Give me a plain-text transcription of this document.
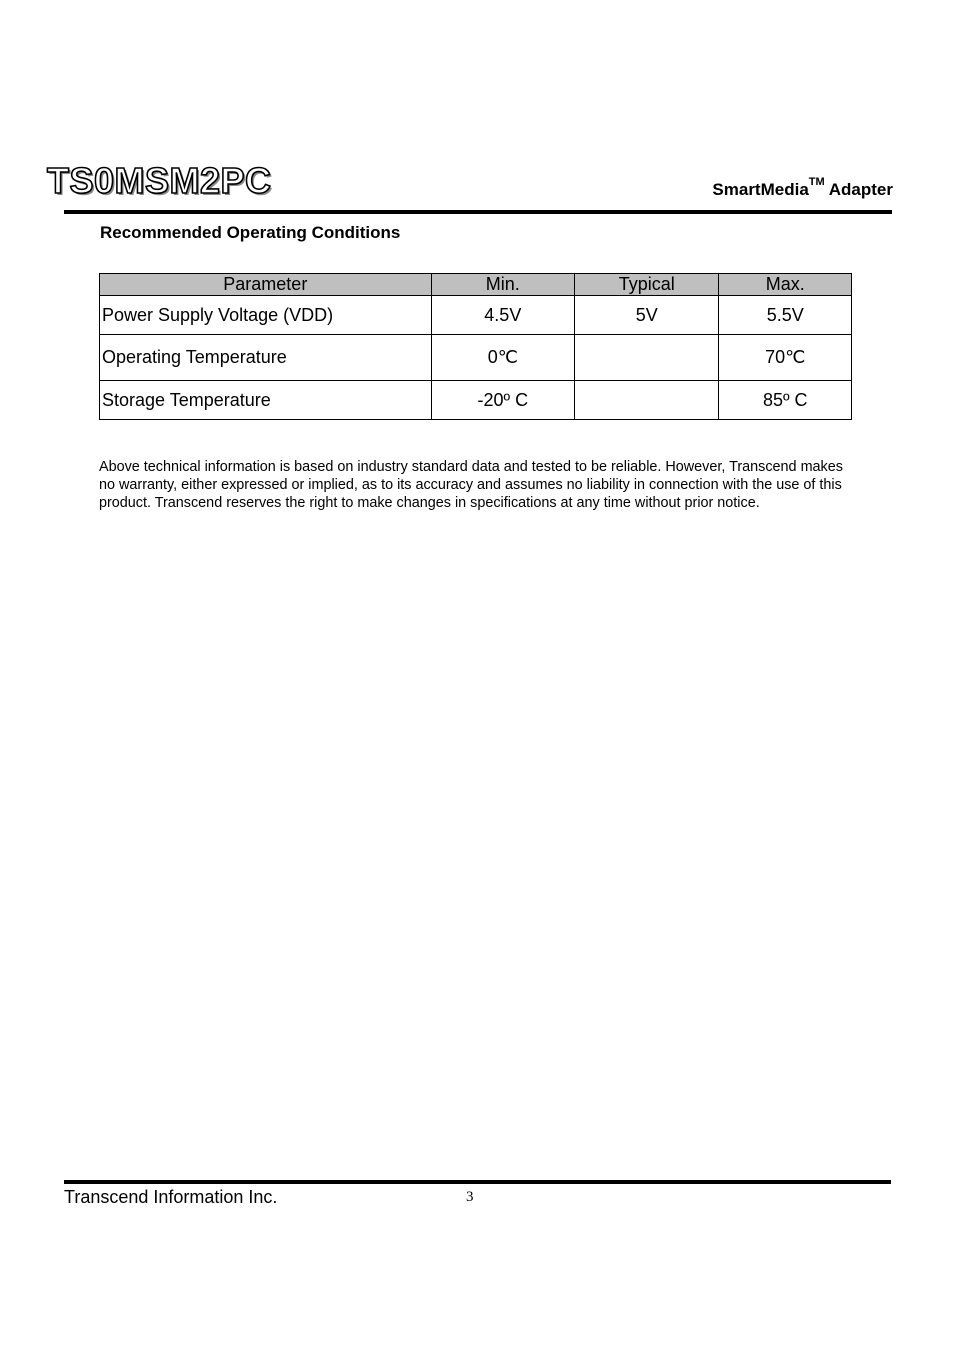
TS0MSM2PC	SmartMedia™ Adapter
Recommended Operating Conditions
Parameter	Min.	Typical	Max.
Power Supply Voltage (VDD)	4.5V	5V	5.5V
Operating Temperature	0℃		70℃
Storage Temperature	-20º C		85º C

Above technical information is based on industry standard data and tested to be reliable. However, Transcend makes no warranty, either expressed or implied, as to its accuracy and assumes no liability in connection with the use of this product. Transcend reserves the right to make changes in specifications at any time without prior notice.

Transcend Information Inc.	3
